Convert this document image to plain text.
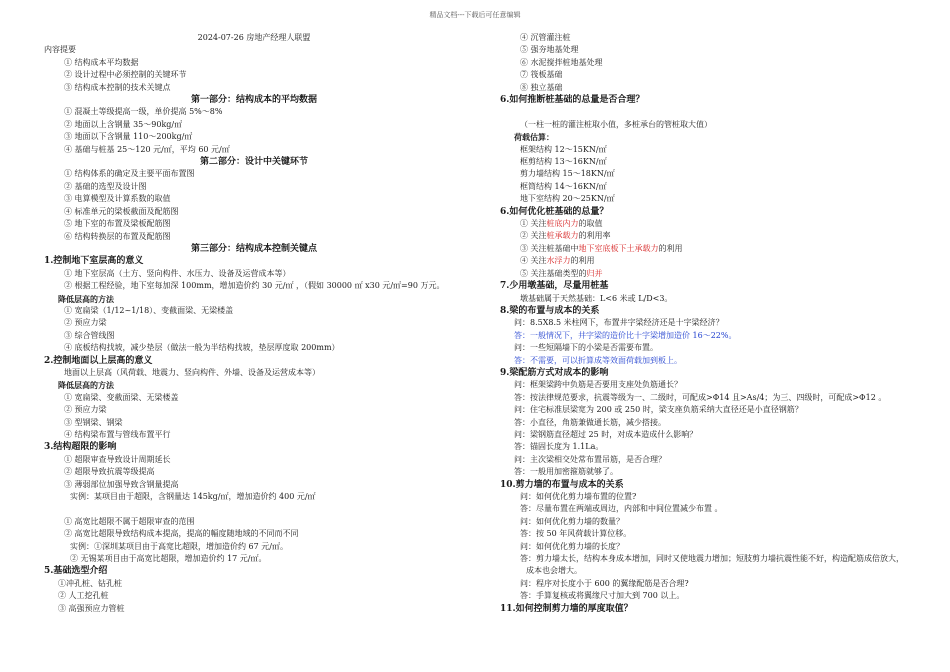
精品文档---下载后可任意编辑
2024-07-26 房地产经理人联盟
内容提要
① 结构成本平均数据
② 设计过程中必须控制的关键环节
③ 结构成本控制的技术关键点
第一部分：结构成本的平均数据
① 混凝土等级提高一级，单价提高 5%～8%
② 地面以上含钢量 35～90kg/㎡
③ 地面以下含钢量 110～200kg/㎡
④ 基础与桩基 25～120 元/㎡，平均 60 元/㎡
第二部分：设计中关键环节
① 结构体系的确定及主要平面布置图
② 基础的选型及设计图
③ 电算模型及计算系数的取值
④ 标准单元的梁板截面及配筋图
⑤ 地下室的布置及梁板配筋图
⑥ 结构转换层的布置及配筋图
第三部分：结构成本控制关键点
1.控制地下室层高的意义
① 地下室层高（土方、竖向构件、水压力、设备及运营成本等）
② 根据工程经验，地下室每加深 100mm，增加造价约 30 元/㎡ ，（假如 30000 ㎡ x30 元/㎡=90 万元。
降低层高的方法
① 宽扁梁（1/12~1/18）、变截面梁、无梁楼盖
② 预应力梁
③ 综合管线图
④ 底板结构找坡，减少垫层（做法一般为半结构找坡，垫层厚度取 200mm）
2.控制地面以上层高的意义
地面以上层高（风荷载、地震力、竖向构件、外墙、设备及运营成本等）
降低层高的方法
① 宽扁梁、变截面梁、无梁楼盖
② 预应力梁
③ 型钢梁、钢梁
④ 结构梁布置与管线布置平行
3.结构超限的影响
① 超限审查导致设计周期延长
② 超限导致抗震等级提高
③ 薄弱部位加强导致含钢量提高
实例：某项目由于超限，含钢量达 145kg/㎡，增加造价约 400 元/㎡
① 高宽比超限不属于超限审查的范围
② 高宽比超限导致结构成本提高，提高的幅度随地域的不同而不同
实例：①深圳某项目由于高宽比超限，增加造价约 67 元/㎡。
② 无锡某项目由于高宽比超限，增加造价约 17 元/㎡。
5.基础选型介绍
①冲孔桩、钻孔桩
② 人工挖孔桩
③ 高强预应力管桩
④ 沉管灌注桩
⑤ 强夯地基处理
⑥ 水泥搅拌桩地基处理
⑦ 筏板基础
⑧ 独立基础
6.如何推断桩基础的总量是否合理？
（一柱一桩的灌注桩取小值，多桩承台的管桩取大值）
荷载估算：
框架结构 12～15KN/㎡
框剪结构 13～16KN/㎡
剪力墙结构 15～18KN/㎡
框筒结构 14～16KN/㎡
地下室结构 20～25KN/㎡
6.如何优化桩基础的总量？
① 关注桩底内力的取值
② 关注桩承载力的利用率
③ 关注桩基础中地下室底板下土承载力的利用
④ 关注水浮力的利用
⑤ 关注基础类型的归并
7.少用墩基础，尽量用桩基
墩基础属于天然基础：L<6 米或 L/D<3。
8.梁的布置与成本的关系
问：8.5X8.5 米柱网下，布置井字梁经济还是十字梁经济？
答：一般情况下，井字梁的造价比十字梁增加造价 16～22%。
问：一些短隔墙下的小梁是否需要布置。
答：不需要，可以折算成等效面荷载加到板上。
9.梁配筋方式对成本的影响
问：框架梁跨中负筋是否要用支座处负筋通长？
答：按法律规范要求，抗震等级为一、二级时，可配成>Φ14 且>As/4；为三、四级时，可配成>Φ12 。
问：住宅标准层梁宽为 200 或 250 时，梁支座负筋采纳大直径还是小直径钢筋？
答：小直径，角筋兼做通长筋，减少搭接。
问：梁钢筋直径超过 25 时，对成本造成什么影响？
答：锚固长度为 1.1La。
问：主次梁相交处常布置吊筋，是否合理？
答：一般用加密箍筋就够了。
10.剪力墙的布置与成本的关系
问：如何优化剪力墙布置的位置?
答：尽量布置在两端或周边，内部和中间位置减少布置 。
问：如何优化剪力墙的数量？
答：按 50 年风荷载计算位移。
问：如何优化剪力墙的长度？
答：剪力墙太长，结构本身成本增加，同时又使地震力增加；短肢剪力墙抗震性能不好，构造配筋成倍放大，
成本也会增大。
问：程序对长度小于 600 的翼缘配筋是否合理?
答：手算复核或将翼缘尺寸加大到 700 以上。
11.如何控制剪力墙的厚度取值？
